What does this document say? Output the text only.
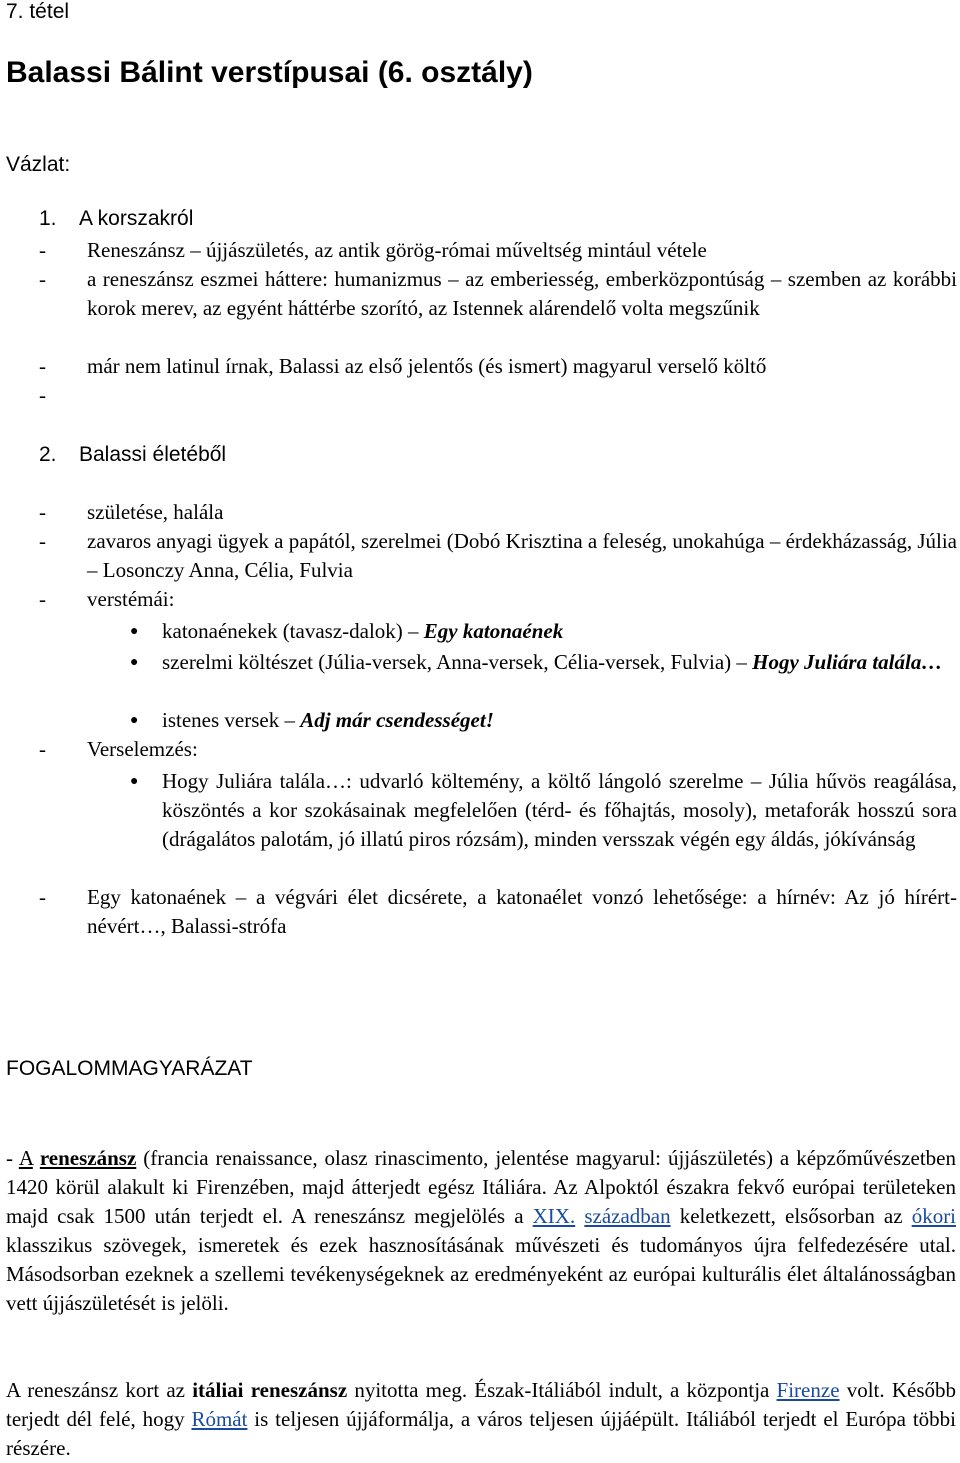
7. tétel
Balassi Bálint verstípusai (6. osztály)
Vázlat:
1. A korszakról
- Reneszánsz – újjászületés, az antik görög-római műveltség mintául vétele
- a reneszánsz eszmei háttere: humanizmus – az emberiesség, emberközpontúság – szemben az korábbi korok merev, az egyént háttérbe szorító, az Istennek alárendelő volta megszűnik
- már nem latinul írnak, Balassi az első jelentős (és ismert) magyarul verselő költő
-
2. Balassi életéből
- születése, halála
- zavaros anyagi ügyek a papától, szerelmei (Dobó Krisztina a feleség, unokahúga – érdekházasság, Júlia – Losonczy Anna, Célia, Fulvia
- verstémái:
● katonaénekek (tavasz-dalok) – Egy katonaének
● szerelmi költészet (Júlia-versek, Anna-versek, Célia-versek, Fulvia) – Hogy Juliára talála…
● istenes versek – Adj már csendességet!
- Verselemzés:
● Hogy Juliára talála…: udvarló költemény, a költő lángoló szerelme – Júlia hűvös reagálása, köszöntés a kor szokásainak megfelelően (térd- és főhajtás, mosoly), metaforák hosszú sora (drágalátos palotám, jó illatú piros rózsám), minden versszak végén egy áldás, jókívánság
- Egy katonaének – a végvári élet dicsérete, a katonaélet vonzó lehetősége: a hírnév: Az jó hírért-névért…, Balassi-strófa
FOGALOMMAGYARÁZAT
- A reneszánsz (francia renaissance, olasz rinascimento, jelentése magyarul: újjászületés) a képzőművészetben 1420 körül alakult ki Firenzében, majd átterjedt egész Itáliára. Az Alpoktól északra fekvő európai területeken majd csak 1500 után terjedt el. A reneszánsz megjelölés a XIX. században keletkezett, elsősorban az ókori klasszikus szövegek, ismeretek és ezek hasznosításának művészeti és tudományos újra felfedezésére utal. Másodsorban ezeknek a szellemi tevékenységeknek az eredményeként az európai kulturális élet általánosságban vett újjászületését is jelöli.
A reneszánsz kort az itáliai reneszánsz nyitotta meg. Észak-Itáliából indult, a központja Firenze volt. Később terjedt dél felé, hogy Rómát is teljesen újjáformálja, a város teljesen újjáépült. Itáliából terjedt el Európa többi részére.
